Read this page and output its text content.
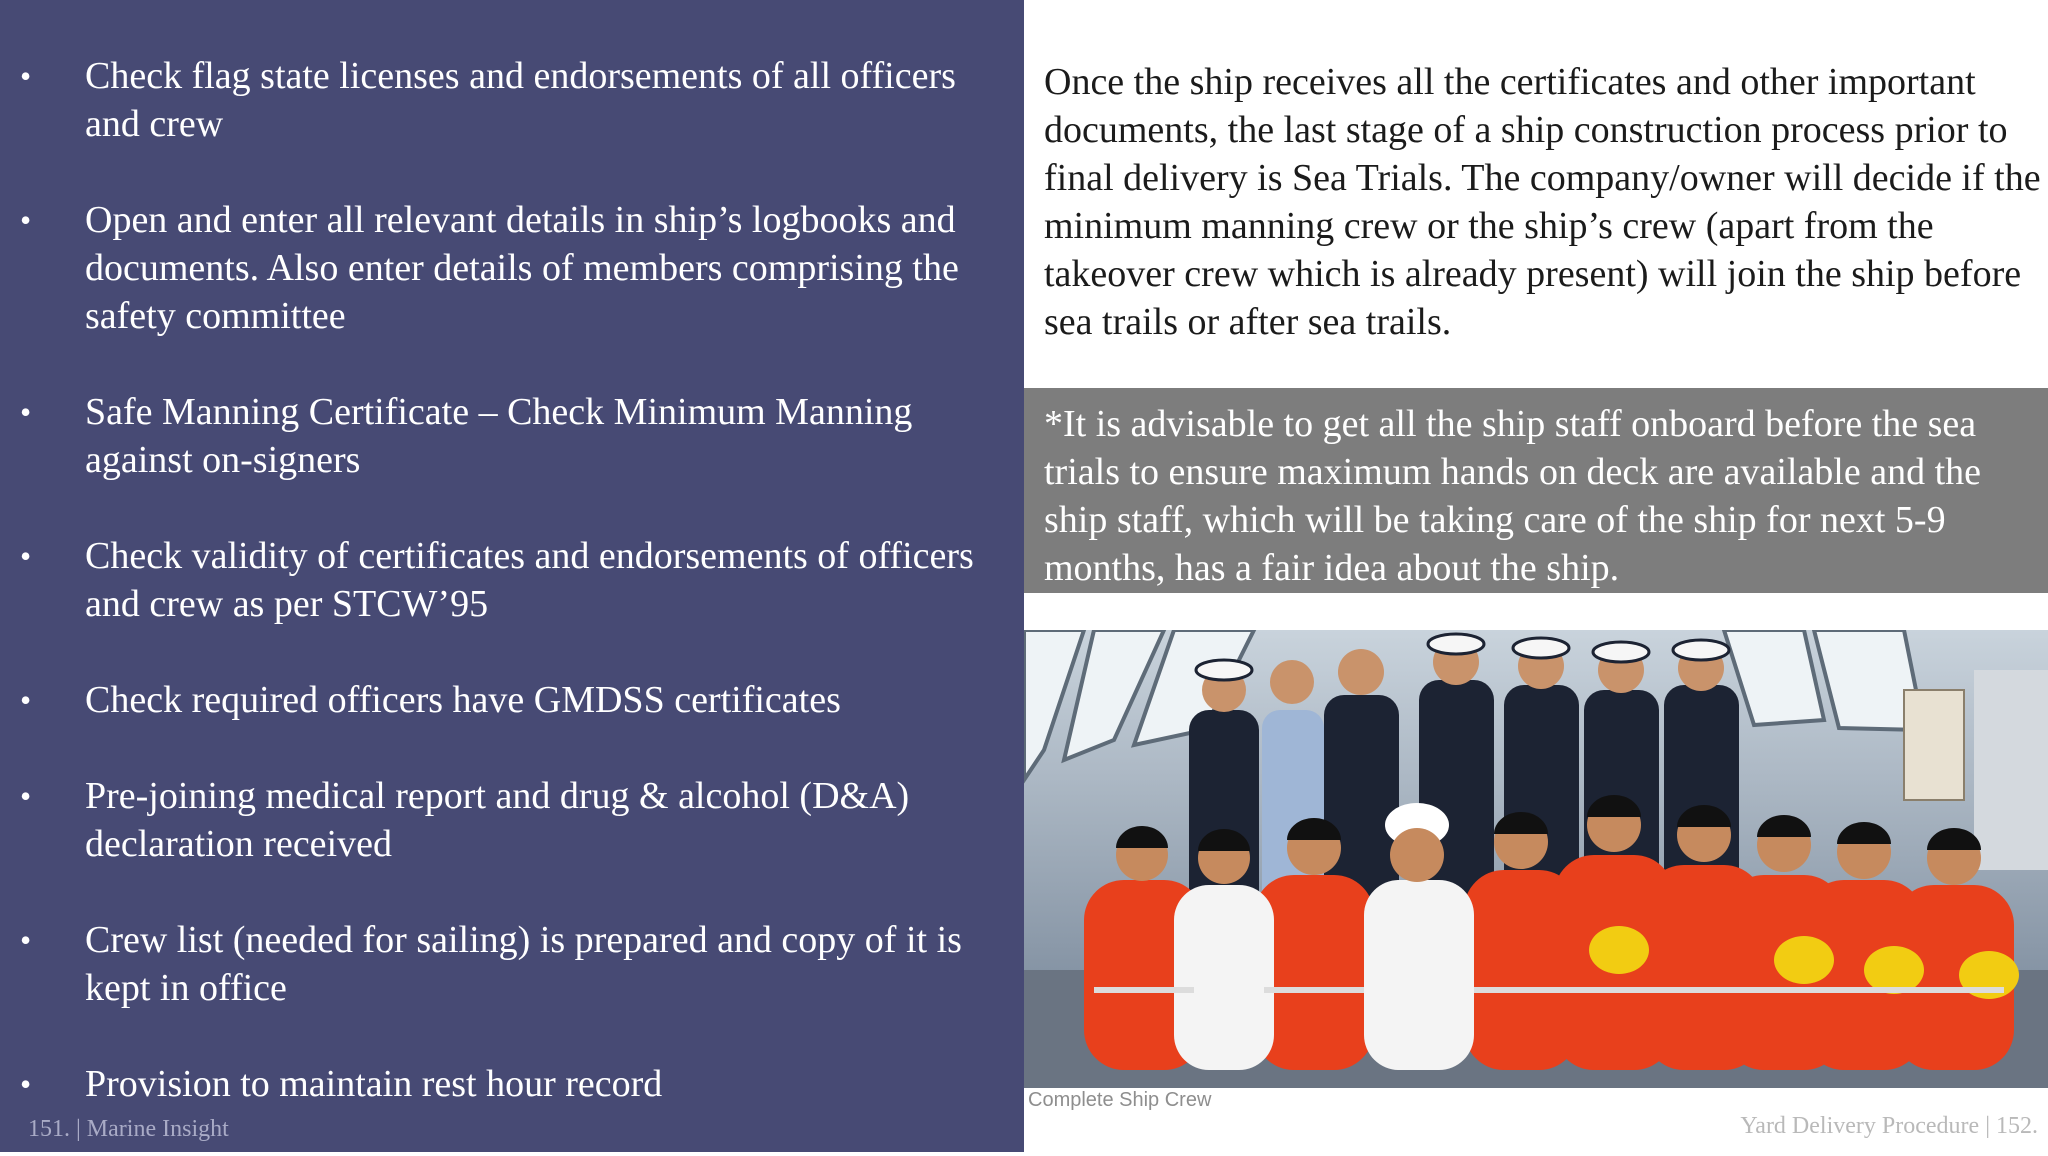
• Check flag state licenses and endorsements of all officers and crew
• Open and enter all relevant details in ship’s logbooks and documents. Also enter details of members comprising the safety committee
• Safe Manning Certificate – Check Minimum Manning against on-signers
• Check validity of certificates and endorsements of officers and crew as per STCW’95
• Check required officers have GMDSS certificates
• Pre-joining medical report and drug & alcohol (D&A) declaration received
• Crew list (needed for sailing) is prepared and copy of it is kept in office
• Provision to maintain rest hour record
151. | Marine Insight

Once the ship receives all the certificates and other important documents, the last stage of a ship construction process prior to final delivery is Sea Trials. The company/owner will decide if the minimum manning crew or the ship’s crew (apart from the takeover crew which is already present) will join the ship before sea trails or after sea trails.

*It is advisable to get all the ship staff onboard before the sea trials to ensure maximum hands on deck are available and the ship staff, which will be taking care of the ship for next 5-9 months, has a fair idea about the ship.

Complete Ship Crew
Yard Delivery Procedure | 152.
